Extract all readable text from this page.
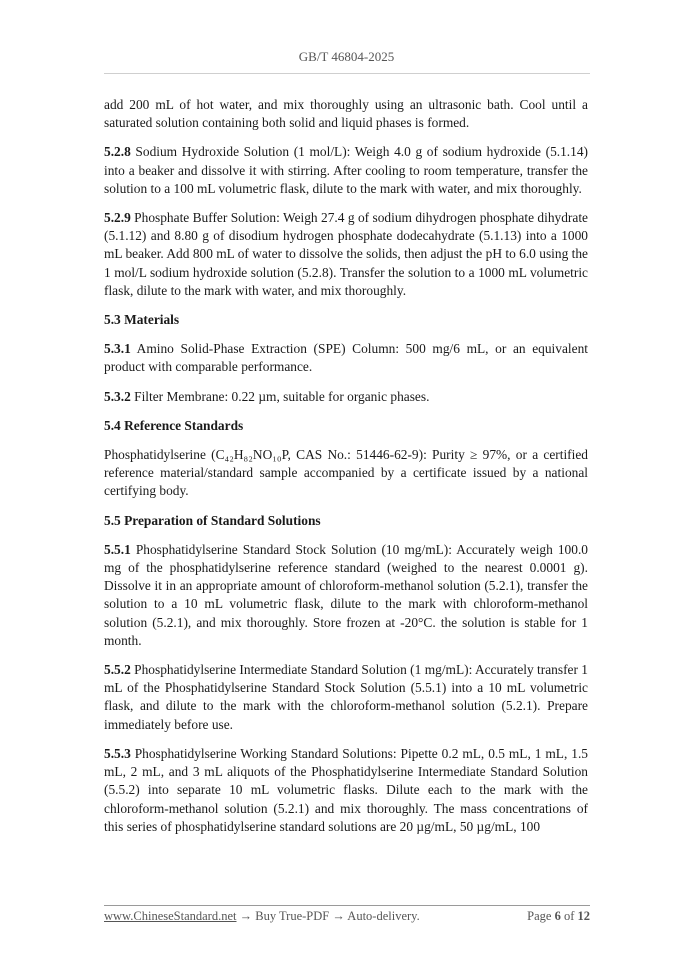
GB/T 46804-2025

add 200 mL of hot water, and mix thoroughly using an ultrasonic bath. Cool until a saturated solution containing both solid and liquid phases is formed.

5.2.8 Sodium Hydroxide Solution (1 mol/L): Weigh 4.0 g of sodium hydroxide (5.1.14) into a beaker and dissolve it with stirring. After cooling to room temperature, transfer the solution to a 100 mL volumetric flask, dilute to the mark with water, and mix thoroughly.

5.2.9 Phosphate Buffer Solution: Weigh 27.4 g of sodium dihydrogen phosphate dihydrate (5.1.12) and 8.80 g of disodium hydrogen phosphate dodecahydrate (5.1.13) into a 1000 mL beaker. Add 800 mL of water to dissolve the solids, then adjust the pH to 6.0 using the 1 mol/L sodium hydroxide solution (5.2.8). Transfer the solution to a 1000 mL volumetric flask, dilute to the mark with water, and mix thoroughly.

5.3 Materials

5.3.1 Amino Solid-Phase Extraction (SPE) Column: 500 mg/6 mL, or an equivalent product with comparable performance.

5.3.2 Filter Membrane: 0.22 µm, suitable for organic phases.

5.4 Reference Standards

Phosphatidylserine (C₄₂H₈₂NO₁₀P, CAS No.: 51446-62-9): Purity ≥ 97%, or a certified reference material/standard sample accompanied by a certificate issued by a national certifying body.

5.5 Preparation of Standard Solutions

5.5.1 Phosphatidylserine Standard Stock Solution (10 mg/mL): Accurately weigh 100.0 mg of the phosphatidylserine reference standard (weighed to the nearest 0.0001 g). Dissolve it in an appropriate amount of chloroform-methanol solution (5.2.1), transfer the solution to a 10 mL volumetric flask, dilute to the mark with chloroform-methanol solution (5.2.1), and mix thoroughly. Store frozen at -20°C. the solution is stable for 1 month.

5.5.2 Phosphatidylserine Intermediate Standard Solution (1 mg/mL): Accurately transfer 1 mL of the Phosphatidylserine Standard Stock Solution (5.5.1) into a 10 mL volumetric flask, and dilute to the mark with the chloroform-methanol solution (5.2.1). Prepare immediately before use.

5.5.3 Phosphatidylserine Working Standard Solutions: Pipette 0.2 mL, 0.5 mL, 1 mL, 1.5 mL, 2 mL, and 3 mL aliquots of the Phosphatidylserine Intermediate Standard Solution (5.5.2) into separate 10 mL volumetric flasks. Dilute each to the mark with the chloroform-methanol solution (5.2.1) and mix thoroughly. The mass concentrations of this series of phosphatidylserine standard solutions are 20 µg/mL, 50 µg/mL, 100

www.ChineseStandard.net → Buy True-PDF → Auto-delivery.	Page 6 of 12
